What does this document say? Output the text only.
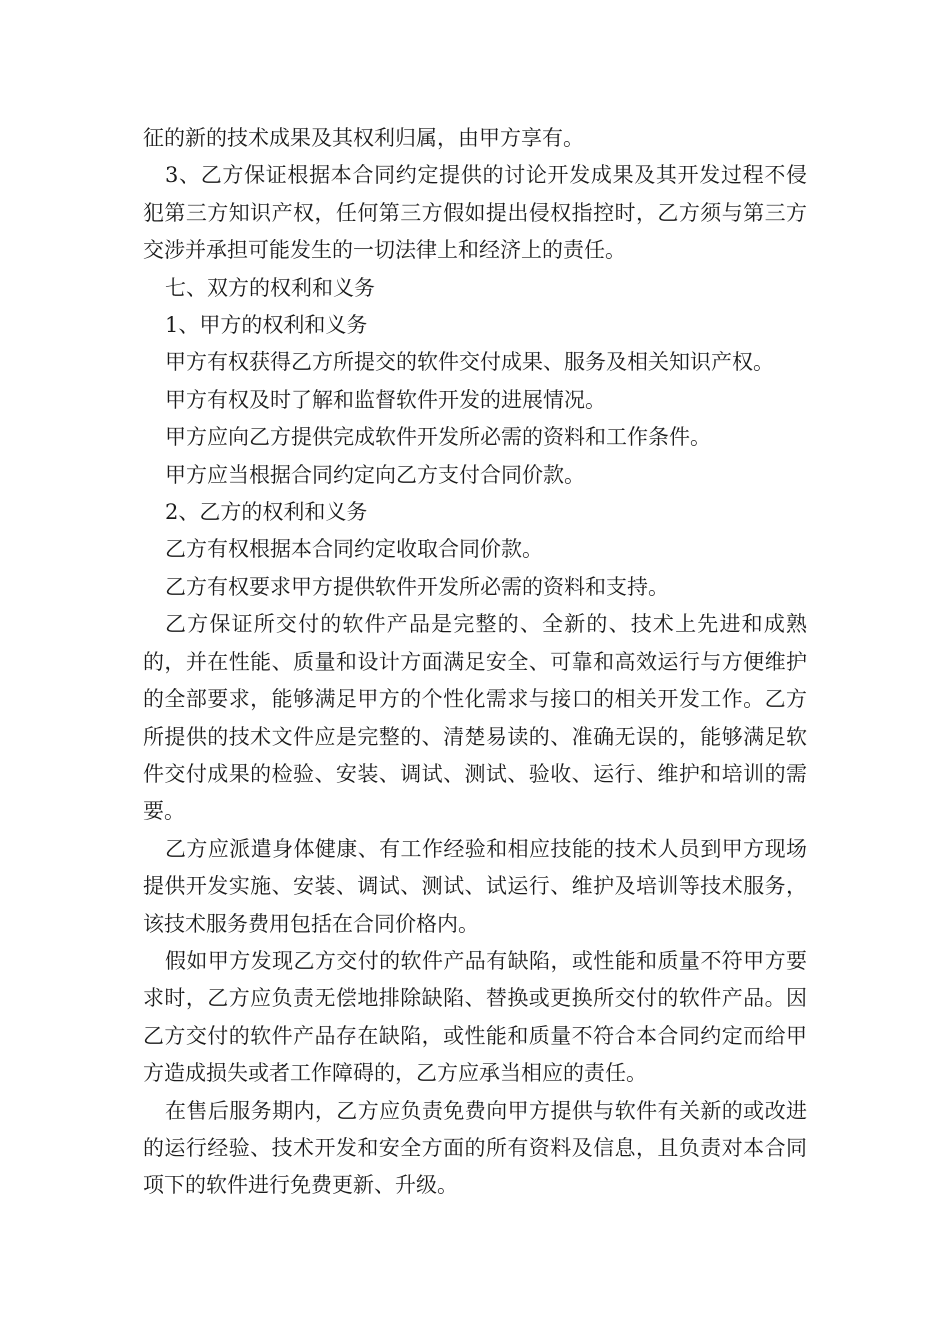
征的新的技术成果及其权利归属，由甲方享有。

3、乙方保证根据本合同约定提供的讨论开发成果及其开发过程不侵犯第三方知识产权，任何第三方假如提出侵权指控时，乙方须与第三方交涉并承担可能发生的一切法律上和经济上的责任。

七、双方的权利和义务

1、甲方的权利和义务

甲方有权获得乙方所提交的软件交付成果、服务及相关知识产权。

甲方有权及时了解和监督软件开发的进展情况。

甲方应向乙方提供完成软件开发所必需的资料和工作条件。

甲方应当根据合同约定向乙方支付合同价款。

2、乙方的权利和义务

乙方有权根据本合同约定收取合同价款。

乙方有权要求甲方提供软件开发所必需的资料和支持。

乙方保证所交付的软件产品是完整的、全新的、技术上先进和成熟的，并在性能、质量和设计方面满足安全、可靠和高效运行与方便维护的全部要求，能够满足甲方的个性化需求与接口的相关开发工作。乙方所提供的技术文件应是完整的、清楚易读的、准确无误的，能够满足软件交付成果的检验、安装、调试、测试、验收、运行、维护和培训的需要。

乙方应派遣身体健康、有工作经验和相应技能的技术人员到甲方现场提供开发实施、安装、调试、测试、试运行、维护及培训等技术服务，该技术服务费用包括在合同价格内。

假如甲方发现乙方交付的软件产品有缺陷，或性能和质量不符甲方要求时，乙方应负责无偿地排除缺陷、替换或更换所交付的软件产品。因乙方交付的软件产品存在缺陷，或性能和质量不符合本合同约定而给甲方造成损失或者工作障碍的，乙方应承当相应的责任。

在售后服务期内，乙方应负责免费向甲方提供与软件有关新的或改进的运行经验、技术开发和安全方面的所有资料及信息，且负责对本合同项下的软件进行免费更新、升级。
